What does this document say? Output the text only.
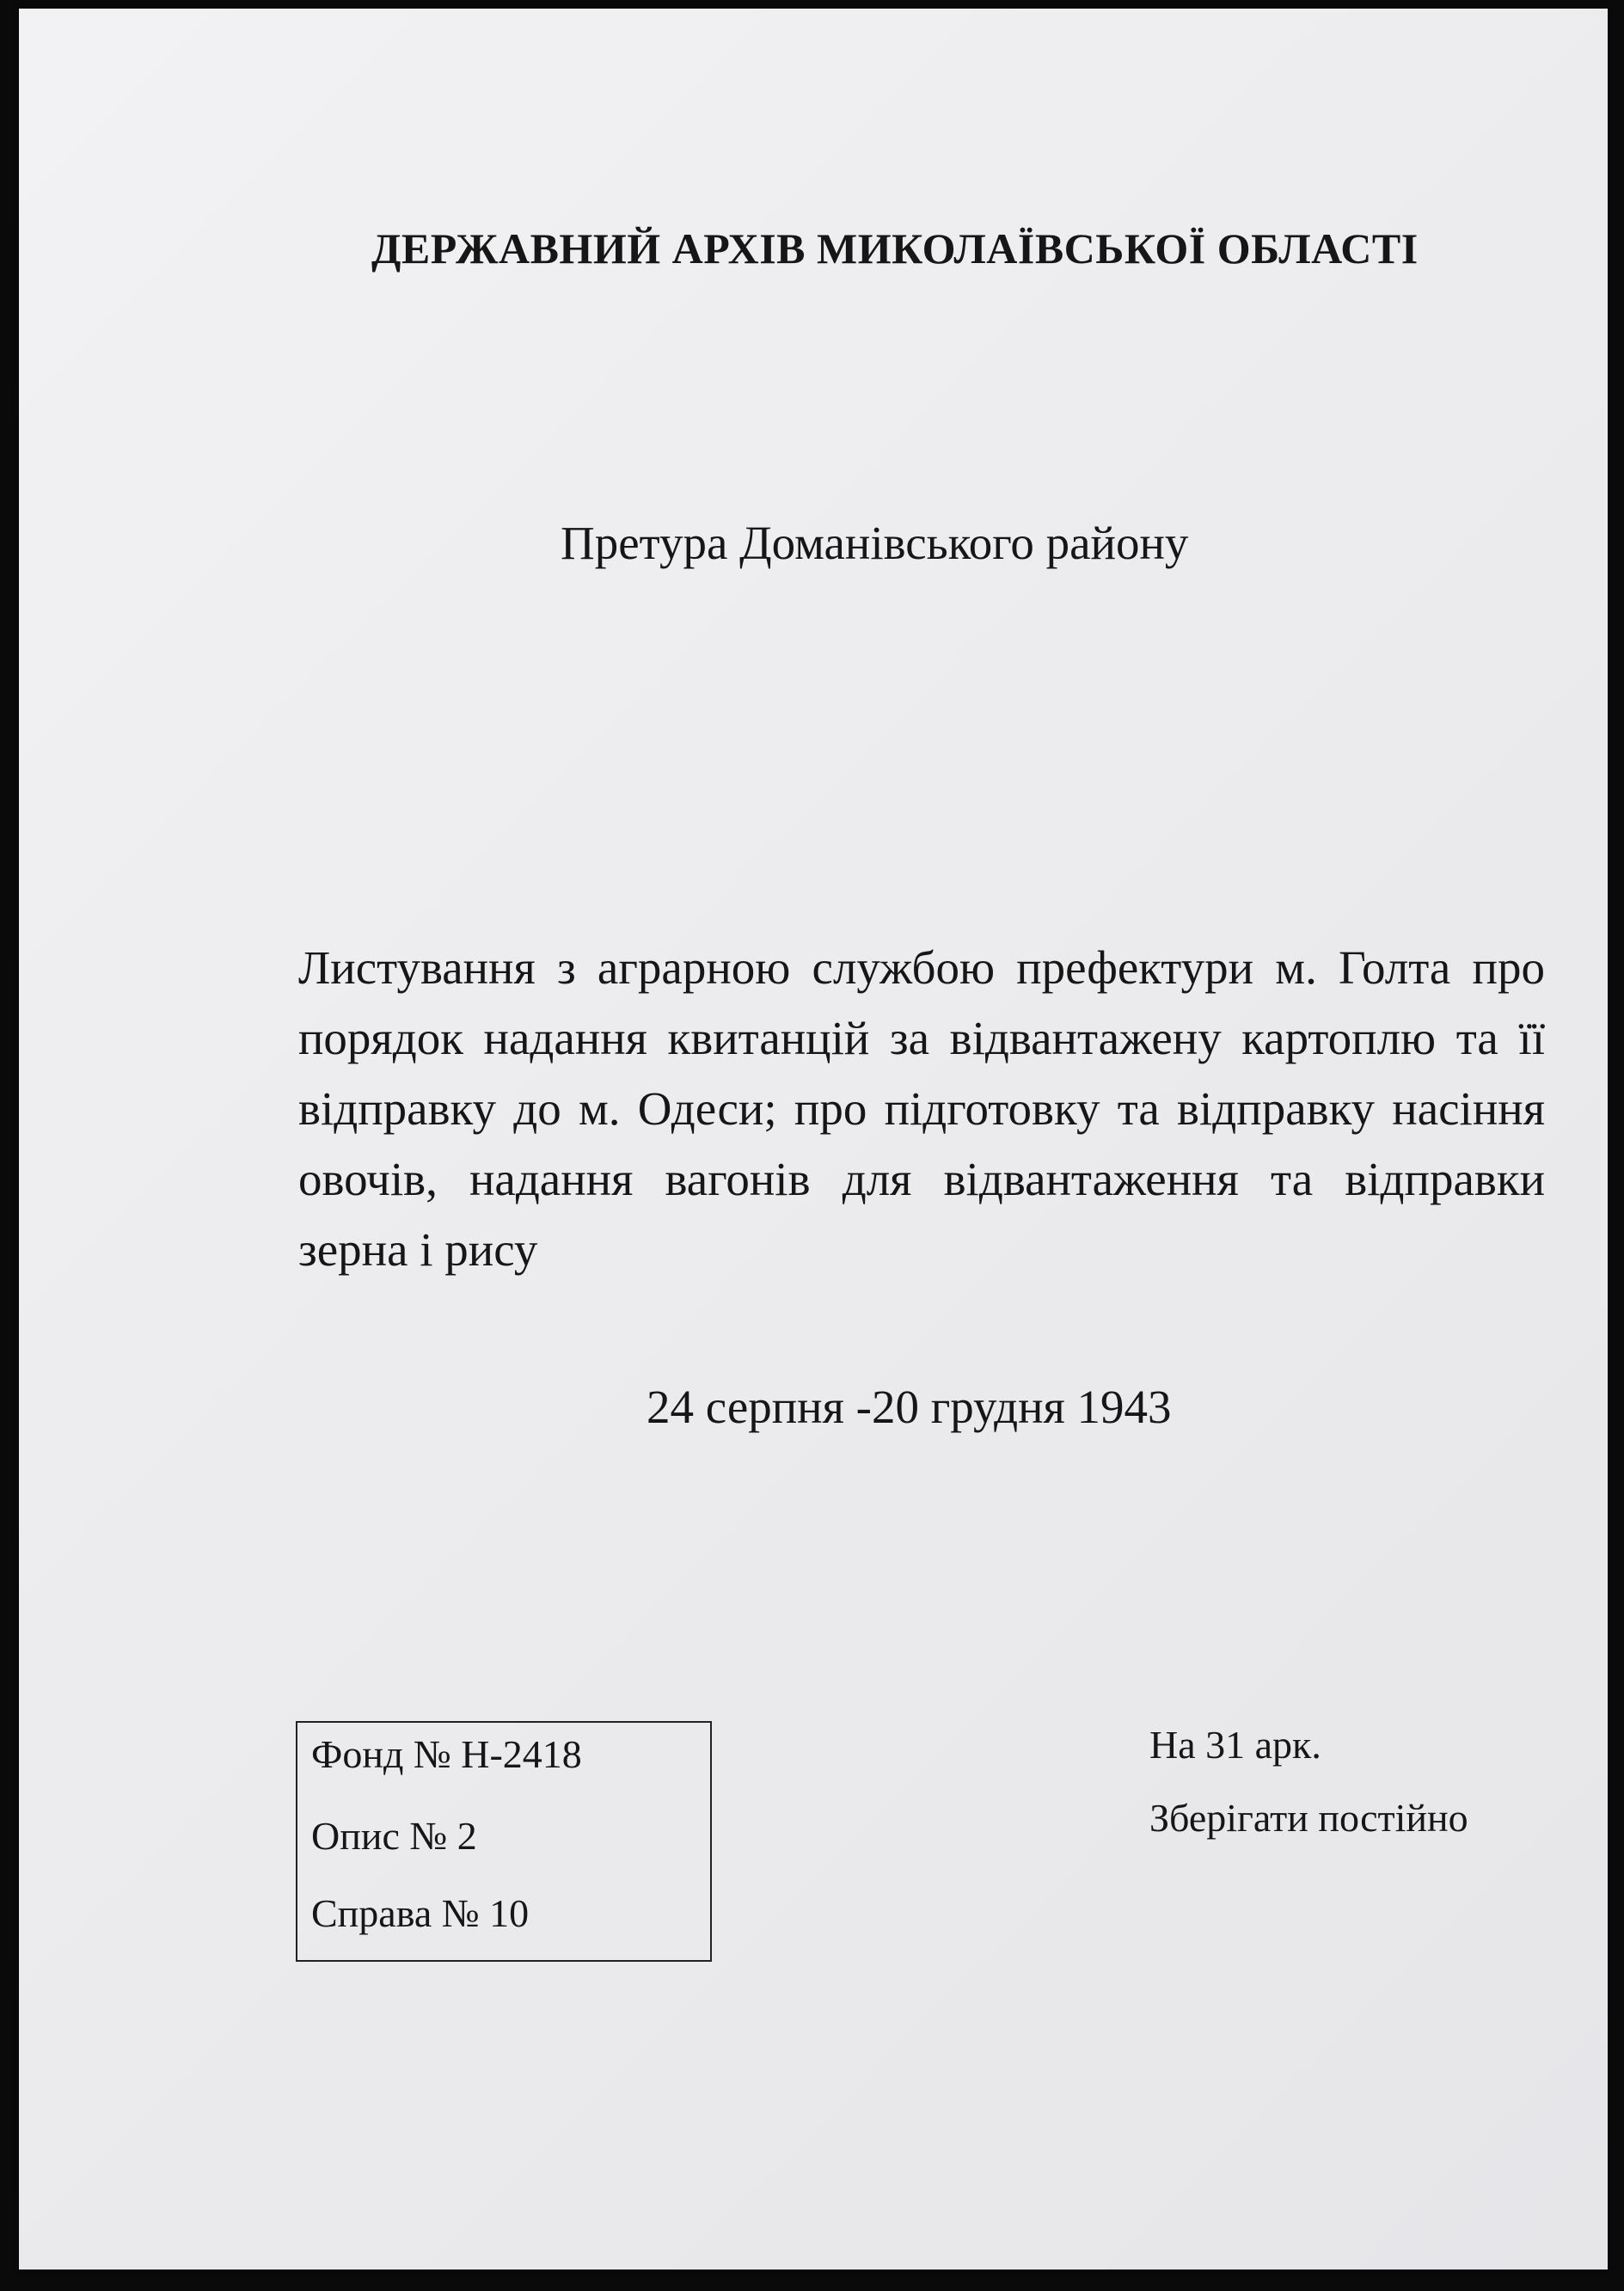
ДЕРЖАВНИЙ АРХІВ МИКОЛАЇВСЬКОЇ ОБЛАСТІ

Претура Доманівського району

Листування з аграрною службою префектури м. Голта про порядок надання квитанцій за відвантажену картоплю та її відправку до м. Одеси; про підготовку та відправку насіння овочів, надання вагонів для відвантаження та відправки зерна і рису

24 серпня -20 грудня 1943

Фонд № Н-2418
Опис № 2
Справа № 10

На 31 арк.

Зберігати постійно
